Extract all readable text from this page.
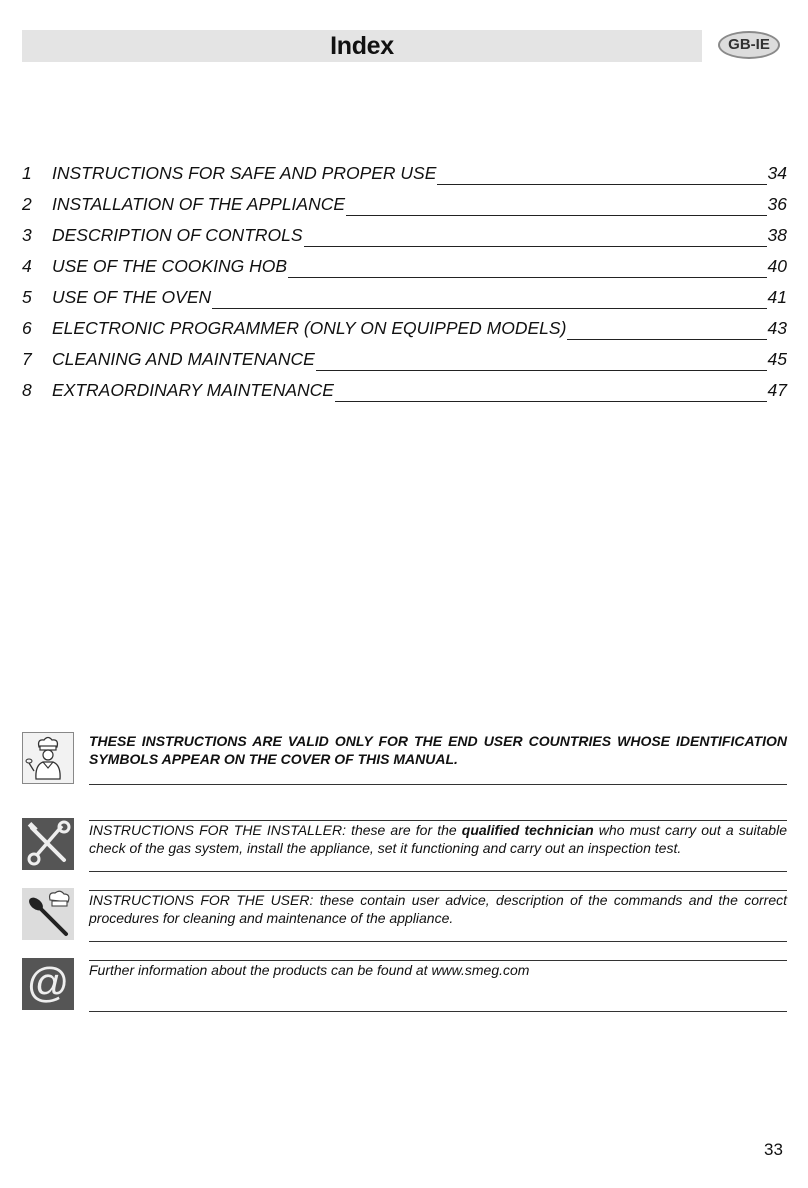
Index	GB-IE
1	INSTRUCTIONS FOR SAFE AND PROPER USE	34
2	INSTALLATION OF THE APPLIANCE	36
3	DESCRIPTION OF CONTROLS	38
4	USE OF THE COOKING HOB	40
5	USE OF THE OVEN	41
6	ELECTRONIC PROGRAMMER (ONLY ON EQUIPPED MODELS)	43
7	CLEANING AND MAINTENANCE	45
8	EXTRAORDINARY MAINTENANCE	47
THESE INSTRUCTIONS ARE VALID ONLY FOR THE END USER COUNTRIES WHOSE IDENTIFICATION SYMBOLS APPEAR ON THE COVER OF THIS MANUAL.
INSTRUCTIONS FOR THE INSTALLER: these are for the qualified technician who must carry out a suitable check of the gas system, install the appliance, set it functioning and carry out an inspection test.
INSTRUCTIONS FOR THE USER: these contain user advice, description of the commands and the correct procedures for cleaning and maintenance of the appliance.
@	Further information about the products can be found at www.smeg.com
33
